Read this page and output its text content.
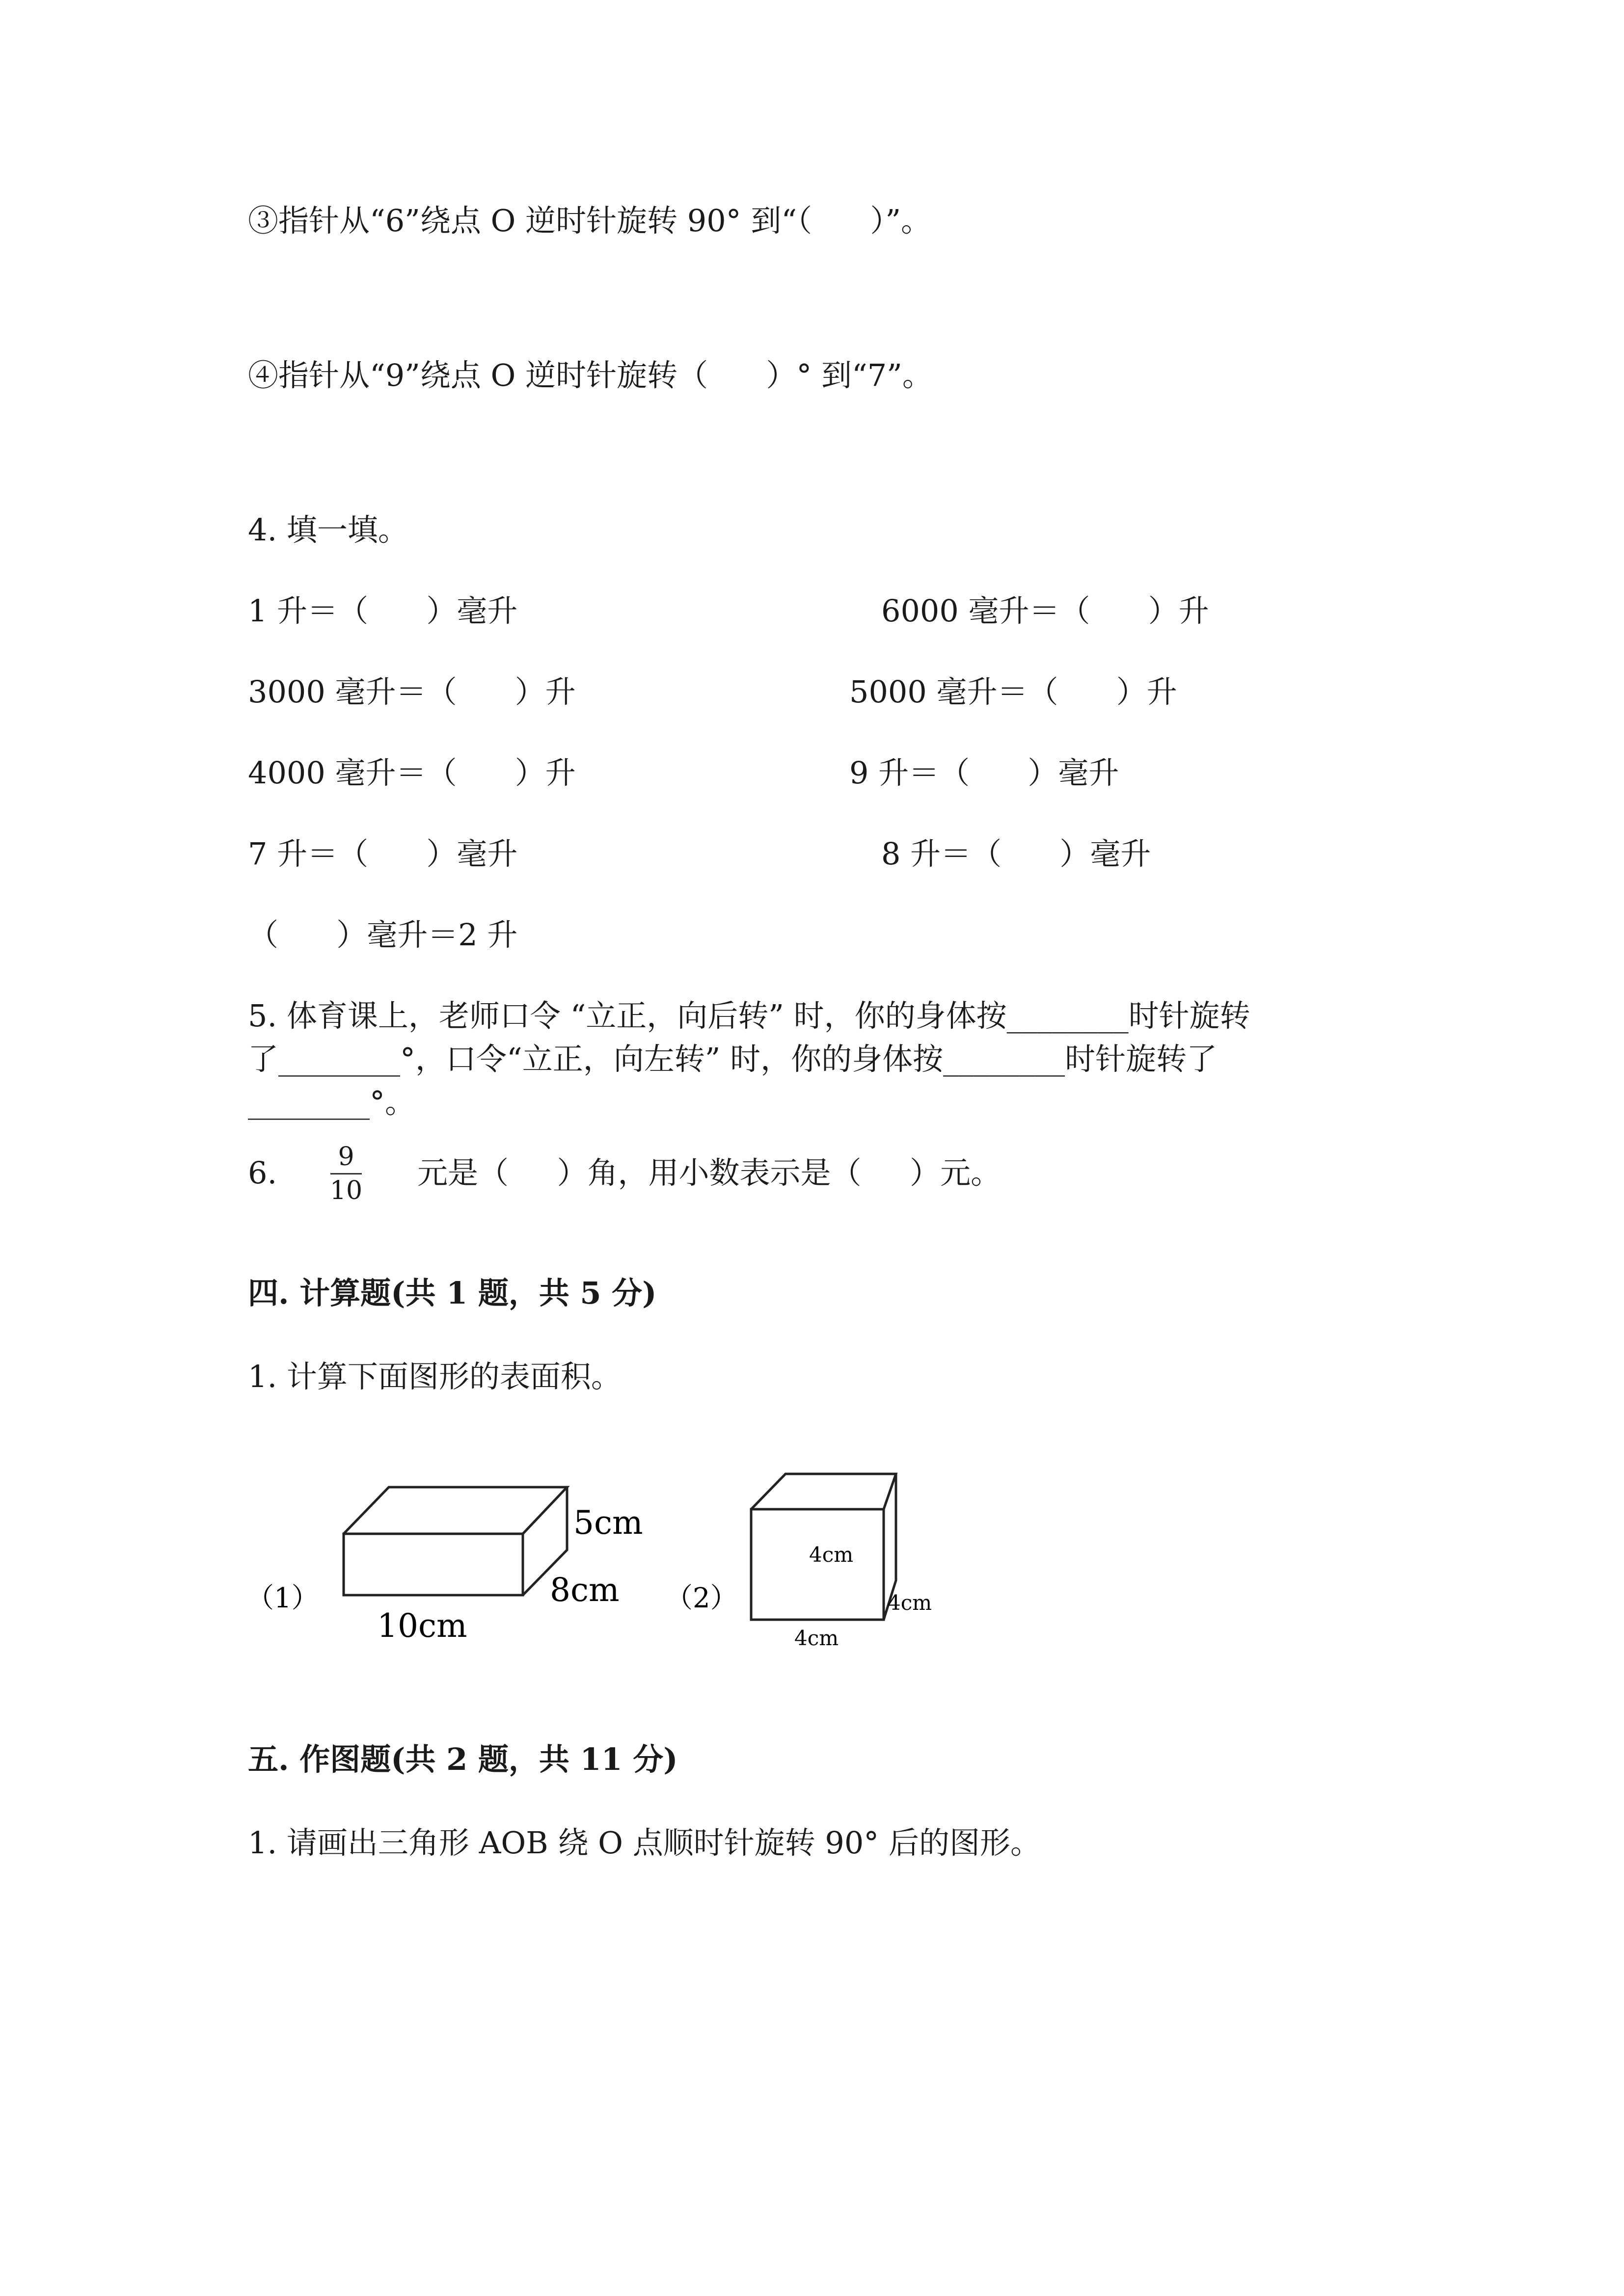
③指针从“6”绕点 O 逆时针旋转 90° 到“（      ）”。
④指针从“9”绕点 O 逆时针旋转（      ）° 到“7”。
4. 填一填。
1 升＝（      ）毫升	6000 毫升＝（      ）升
3000 毫升＝（      ）升	5000 毫升＝（      ）升
4000 毫升＝（      ）升	9 升＝（      ）毫升
7 升＝（      ）毫升	8 升＝（      ）毫升
（      ）毫升＝2 升
5. 体育课上，老师口令 “立正，向后转” 时，你的身体按________时针旋转
了________°，口令“立正，向左转” 时，你的身体按________时针旋转了
________°。
6.	9
10 元是（     ）角，用小数表示是（     ）元。
四. 计算题(共 1 题，共 5 分)
1. 计算下面图形的表面积。
（1）
10cm
5cm
8cm （2）
4cm
4cm
4cm
五. 作图题(共 2 题，共 11 分)
1. 请画出三角形 AOB 绕 O 点顺时针旋转 90° 后的图形。
